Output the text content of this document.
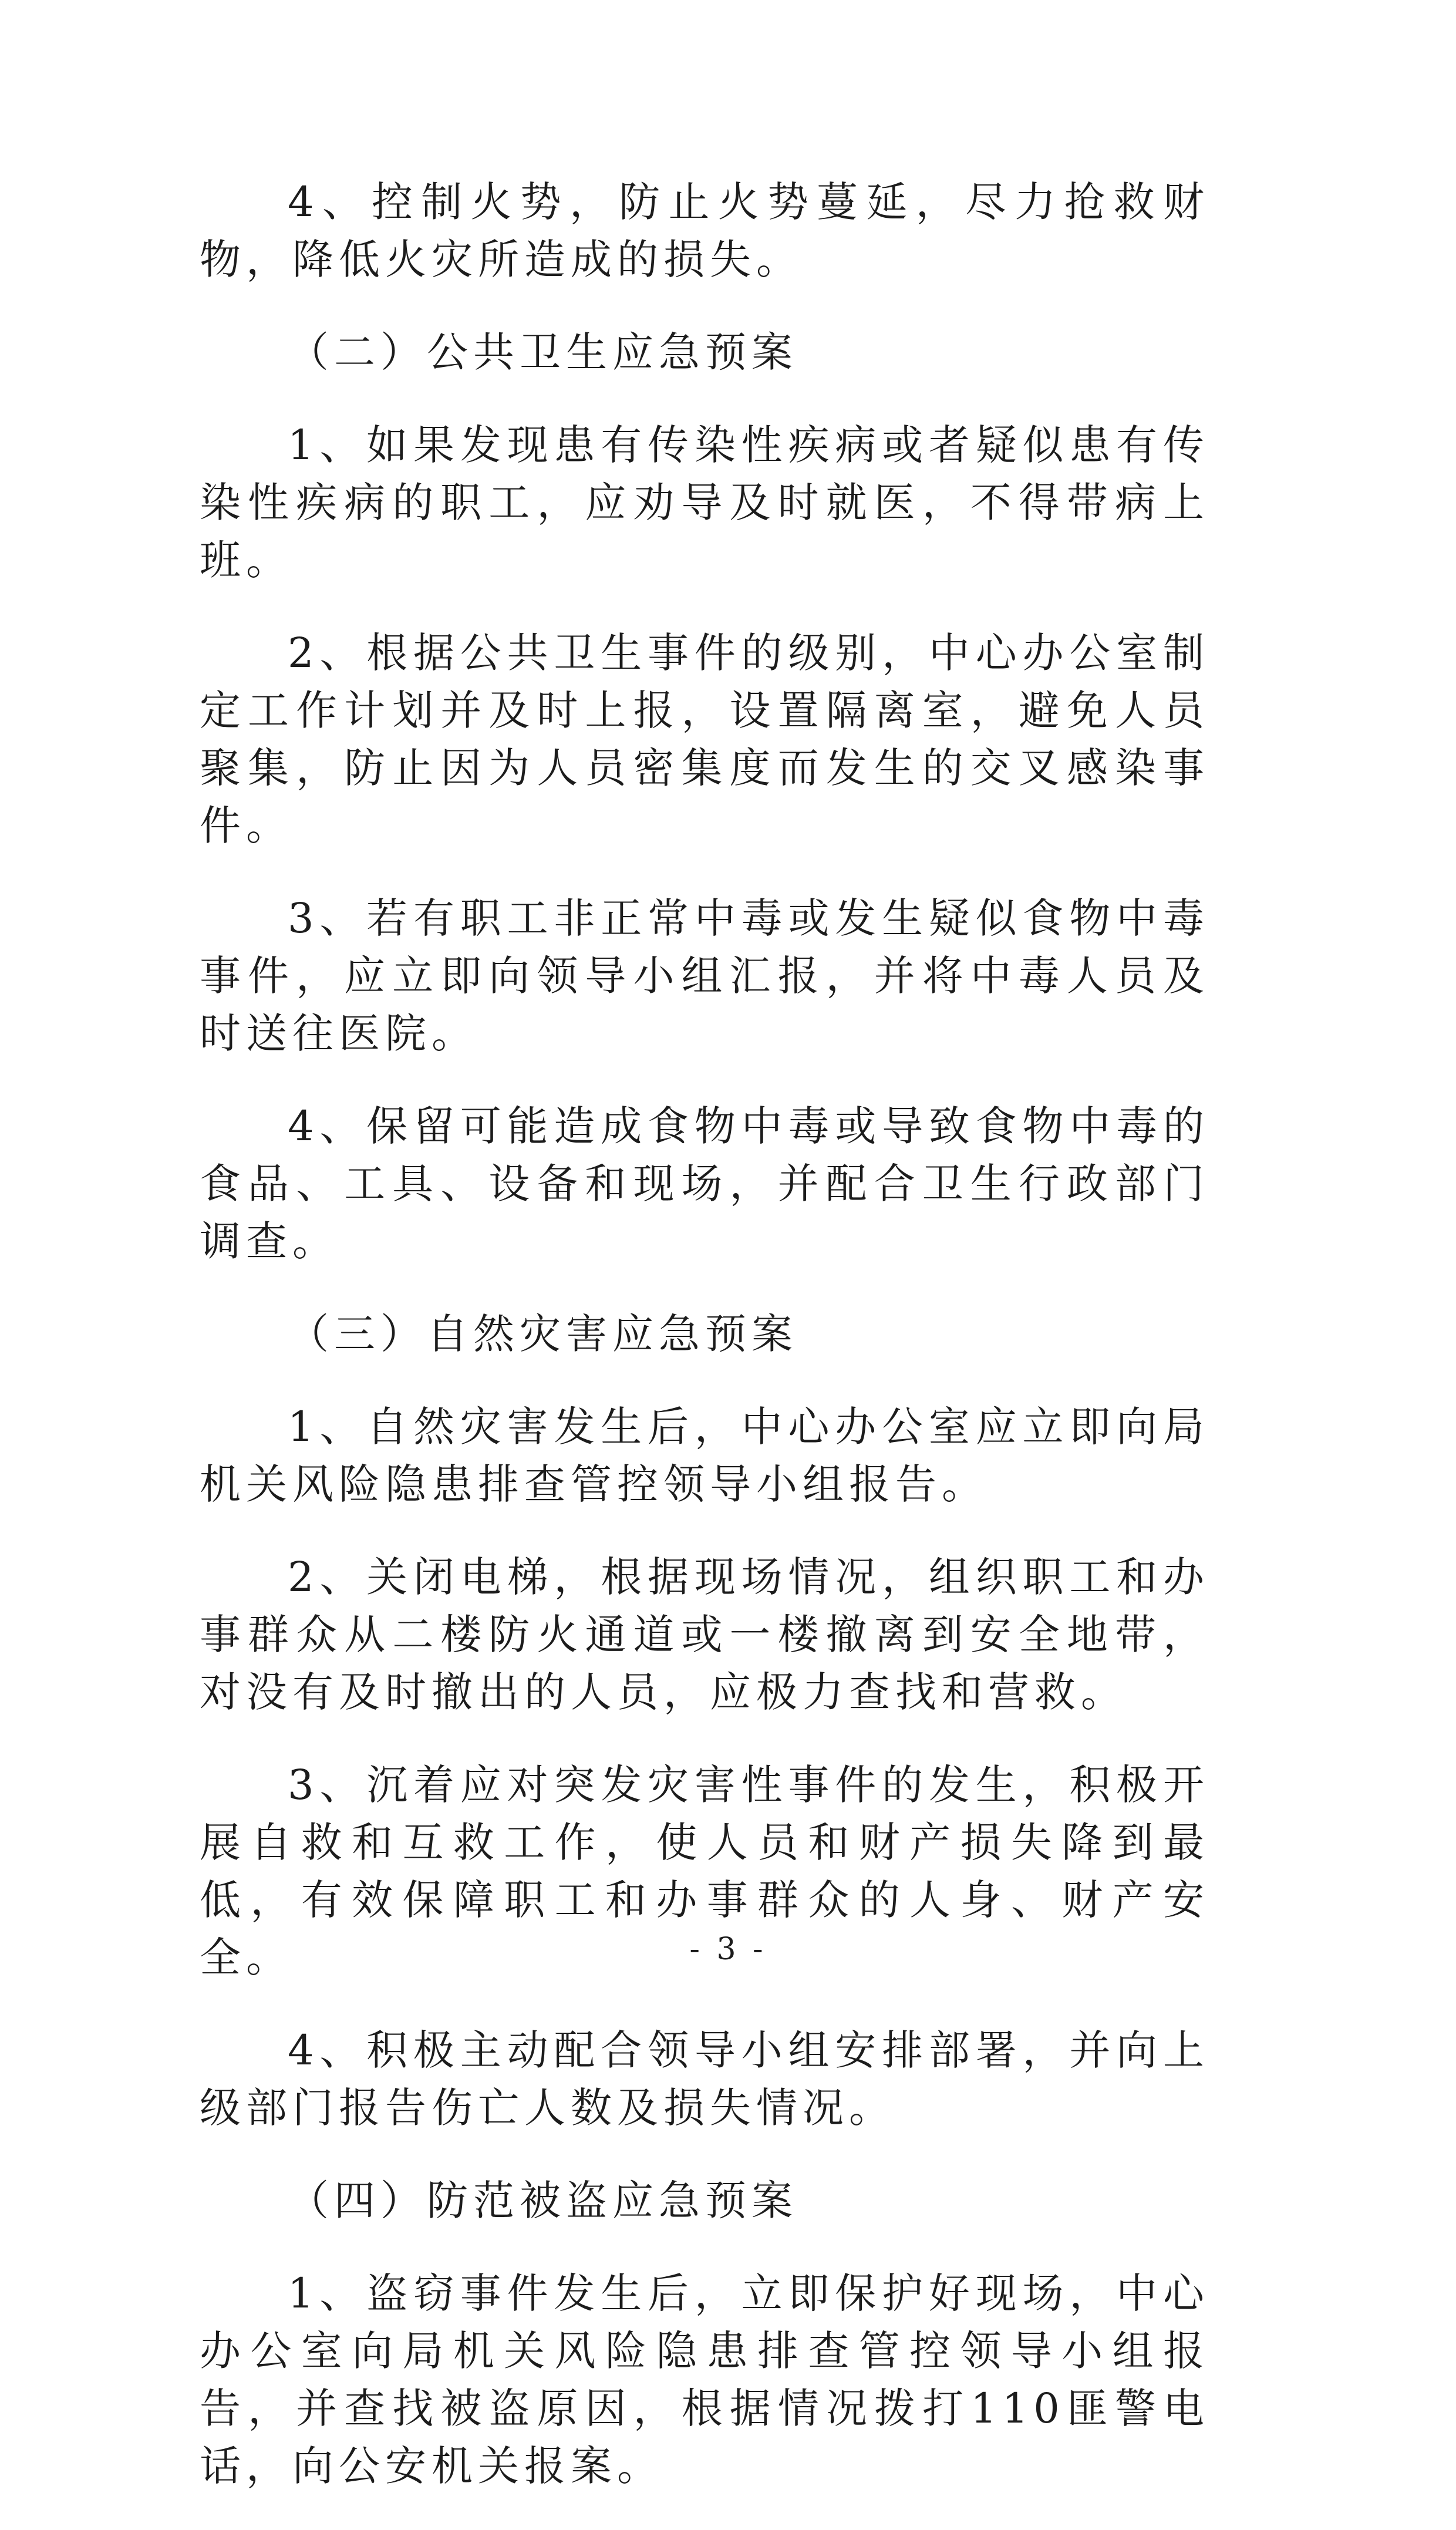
4、控制火势，防止火势蔓延，尽力抢救财物，降低火灾所造成的损失。

（二）公共卫生应急预案

1、如果发现患有传染性疾病或者疑似患有传染性疾病的职工，应劝导及时就医，不得带病上班。

2、根据公共卫生事件的级别，中心办公室制定工作计划并及时上报，设置隔离室，避免人员聚集，防止因为人员密集度而发生的交叉感染事件。

3、若有职工非正常中毒或发生疑似食物中毒事件，应立即向领导小组汇报，并将中毒人员及时送往医院。

4、保留可能造成食物中毒或导致食物中毒的食品、工具、设备和现场，并配合卫生行政部门调查。

（三）自然灾害应急预案

1、自然灾害发生后，中心办公室应立即向局机关风险隐患排查管控领导小组报告。

2、关闭电梯，根据现场情况，组织职工和办事群众从二楼防火通道或一楼撤离到安全地带，对没有及时撤出的人员，应极力查找和营救。

3、沉着应对突发灾害性事件的发生，积极开展自救和互救工作，使人员和财产损失降到最低，有效保障职工和办事群众的人身、财产安全。

4、积极主动配合领导小组安排部署，并向上级部门报告伤亡人数及损失情况。

（四）防范被盗应急预案

1、盗窃事件发生后，立即保护好现场，中心办公室向局机关风险隐患排查管控领导小组报告，并查找被盗原因，根据情况拨打110匪警电话，向公安机关报案。

- 3 -
